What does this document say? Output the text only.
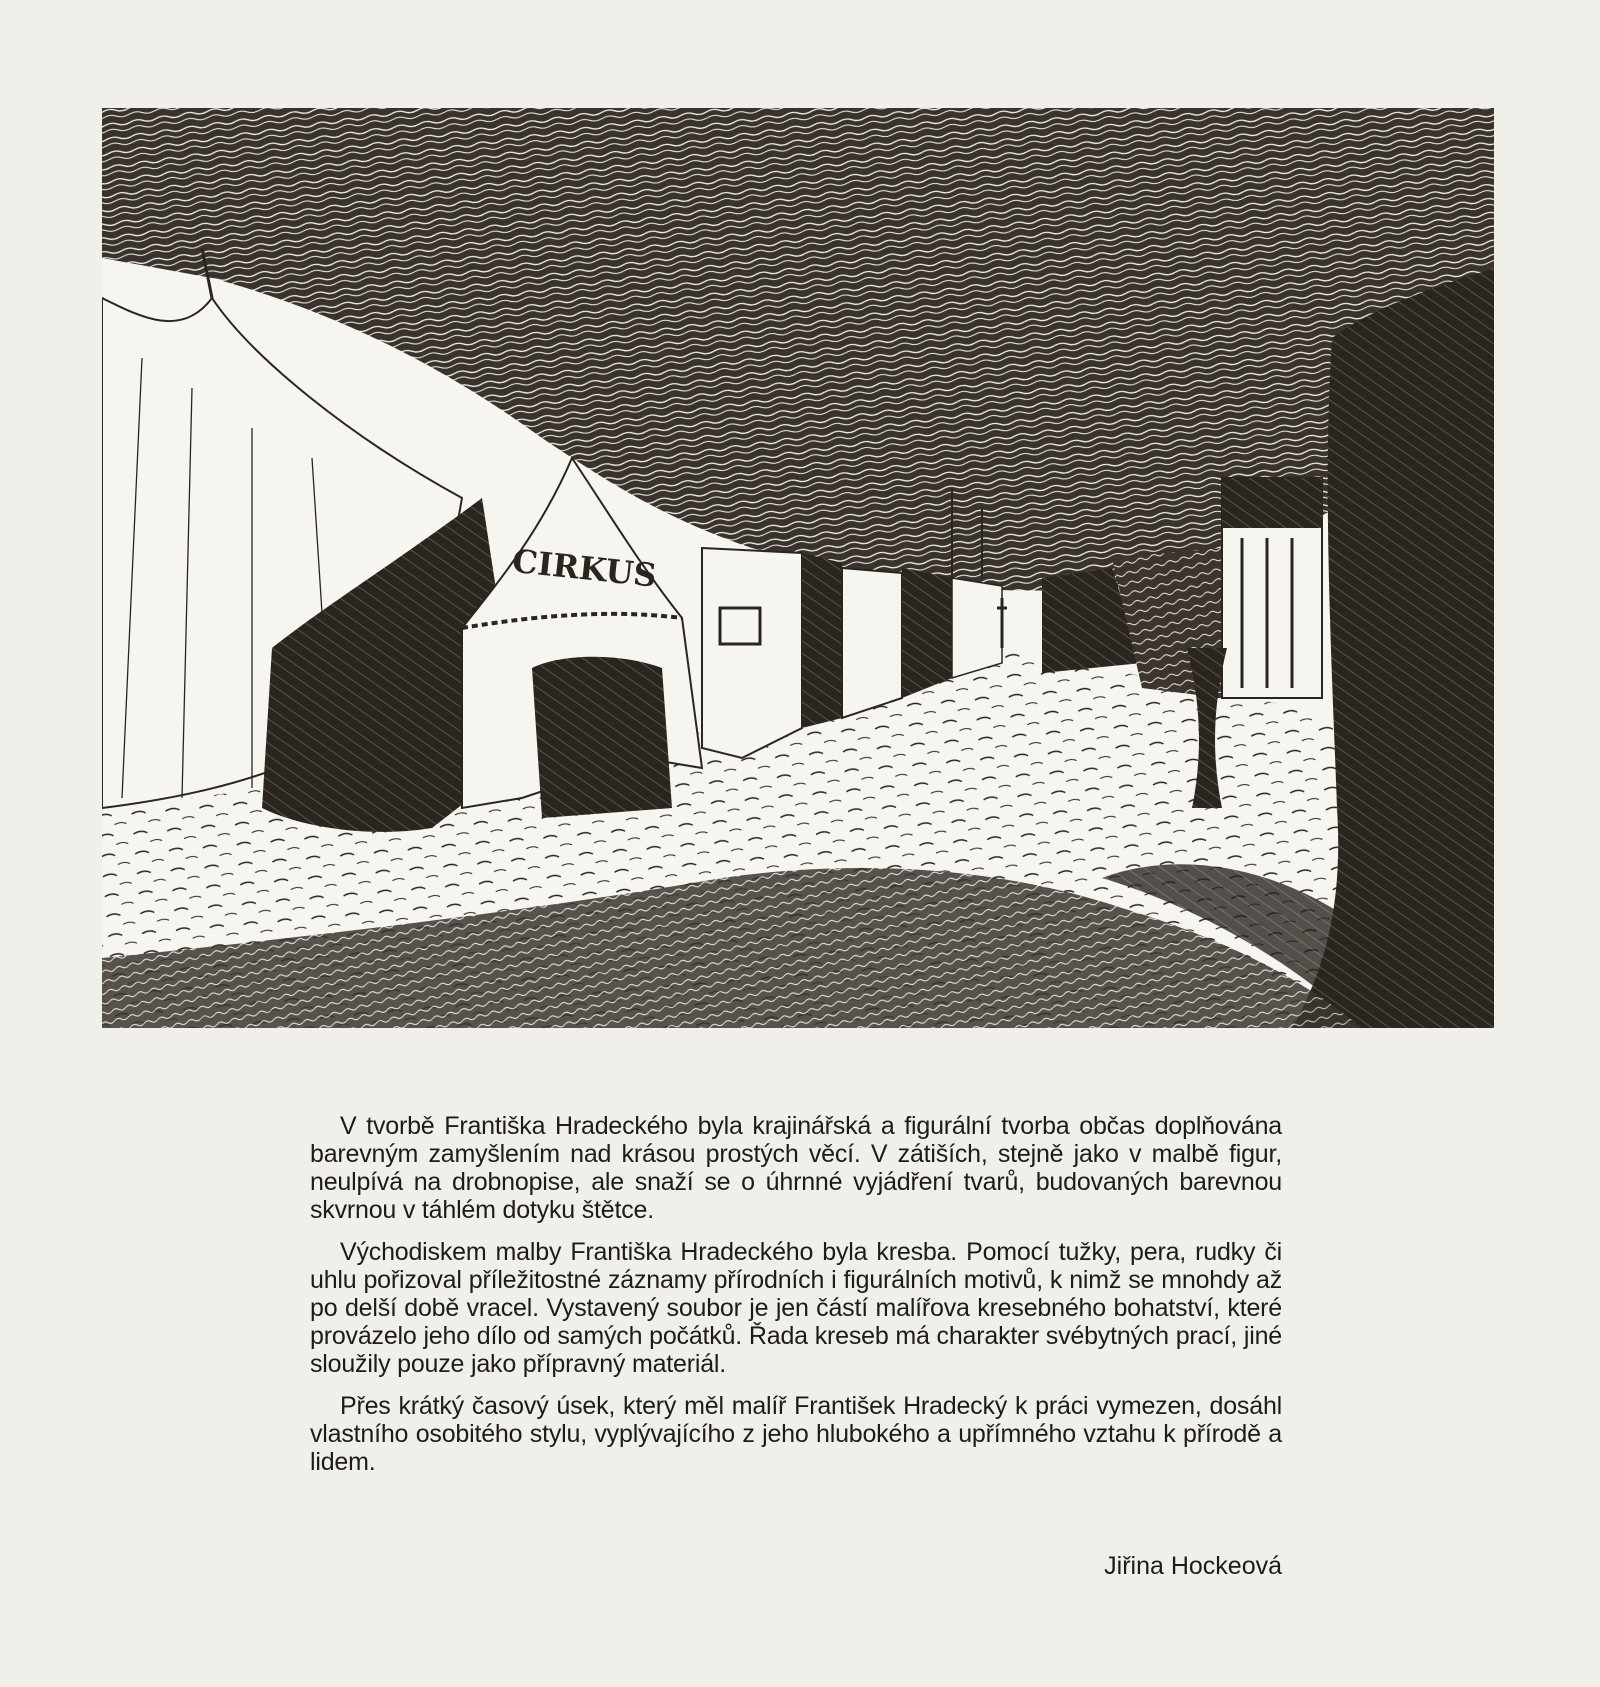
CIRKUS

V tvorbě Františka Hradeckého byla krajinářská a figurální tvorba občas doplňována barevným zamyšlením nad krásou prostých věcí. V zátiších, stejně jako v malbě figur, neulpívá na drobnopise, ale snaží se o úhrnné vyjádření tvarů, budovaných barevnou skvrnou v táhlém dotyku štětce.

Východiskem malby Františka Hradeckého byla kresba. Pomocí tužky, pera, rudky či uhlu pořizoval příležitostné záznamy přírodních i figurálních motivů, k nimž se mnohdy až po delší době vracel. Vystavený soubor je jen částí malířova kresebného bohatství, které provázelo jeho dílo od samých počátků. Řada kreseb má charakter svébytných prací, jiné sloužily pouze jako přípravný materiál.

Přes krátký časový úsek, který měl malíř František Hradecký k práci vymezen, dosáhl vlastního osobitého stylu, vyplývajícího z jeho hlubokého a upřímného vztahu k přírodě a lidem.

Jiřina Hockeová
